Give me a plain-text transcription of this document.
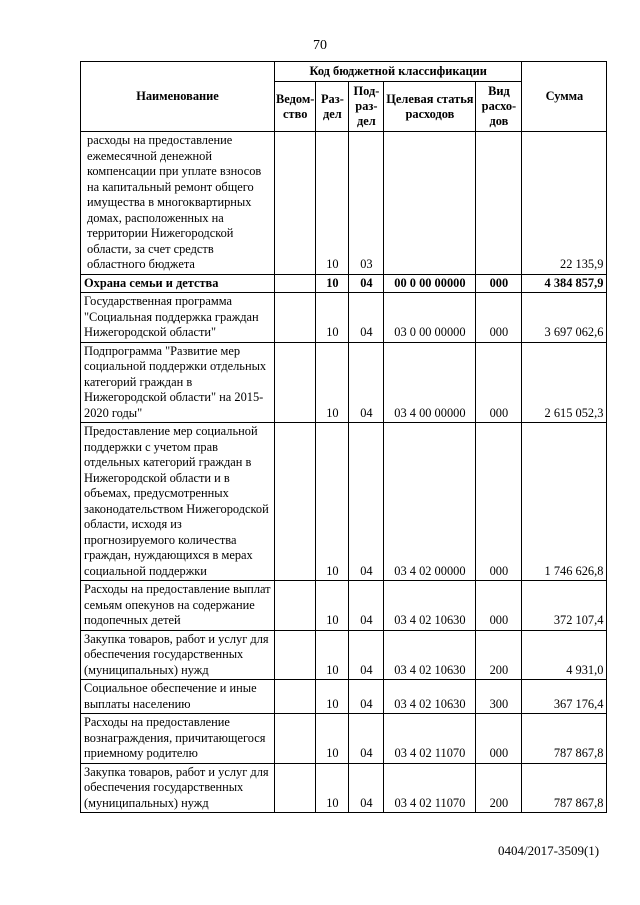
70
Наименование	Код бюджетной классификации					Сумма
	Ведом-ство	Раз-дел	Под-раз-дел	Целевая статья расходов	Вид расхо-дов	
расходы на предоставление ежемесячной денежной компенсации при уплате взносов на капитальный ремонт общего имущества в многоквартирных домах, расположенных на территории Нижегородской области, за счет средств областного бюджета		10	03			22 135,9
Охрана семьи и детства		10	04	00 0 00 00000	000	4 384 857,9
Государственная программа "Социальная поддержка граждан Нижегородской области"		10	04	03 0 00 00000	000	3 697 062,6
Подпрограмма "Развитие мер социальной поддержки отдельных категорий граждан в Нижегородской области" на 2015-2020 годы"		10	04	03 4 00 00000	000	2 615 052,3
Предоставление мер социальной поддержки с учетом прав отдельных категорий граждан в Нижегородской области и в объемах, предусмотренных законодательством Нижегородской области, исходя из прогнозируемого количества граждан, нуждающихся в мерах социальной поддержки		10	04	03 4 02 00000	000	1 746 626,8
Расходы на предоставление выплат семьям опекунов на содержание подопечных детей		10	04	03 4 02 10630	000	372 107,4
Закупка товаров, работ и услуг для обеспечения государственных (муниципальных) нужд		10	04	03 4 02 10630	200	4 931,0
Социальное обеспечение и иные выплаты населению		10	04	03 4 02 10630	300	367 176,4
Расходы на предоставление вознаграждения, причитающегося приемному родителю		10	04	03 4 02 11070	000	787 867,8
Закупка товаров, работ и услуг для обеспечения государственных (муниципальных) нужд		10	04	03 4 02 11070	200	787 867,8
0404/2017-3509(1)
